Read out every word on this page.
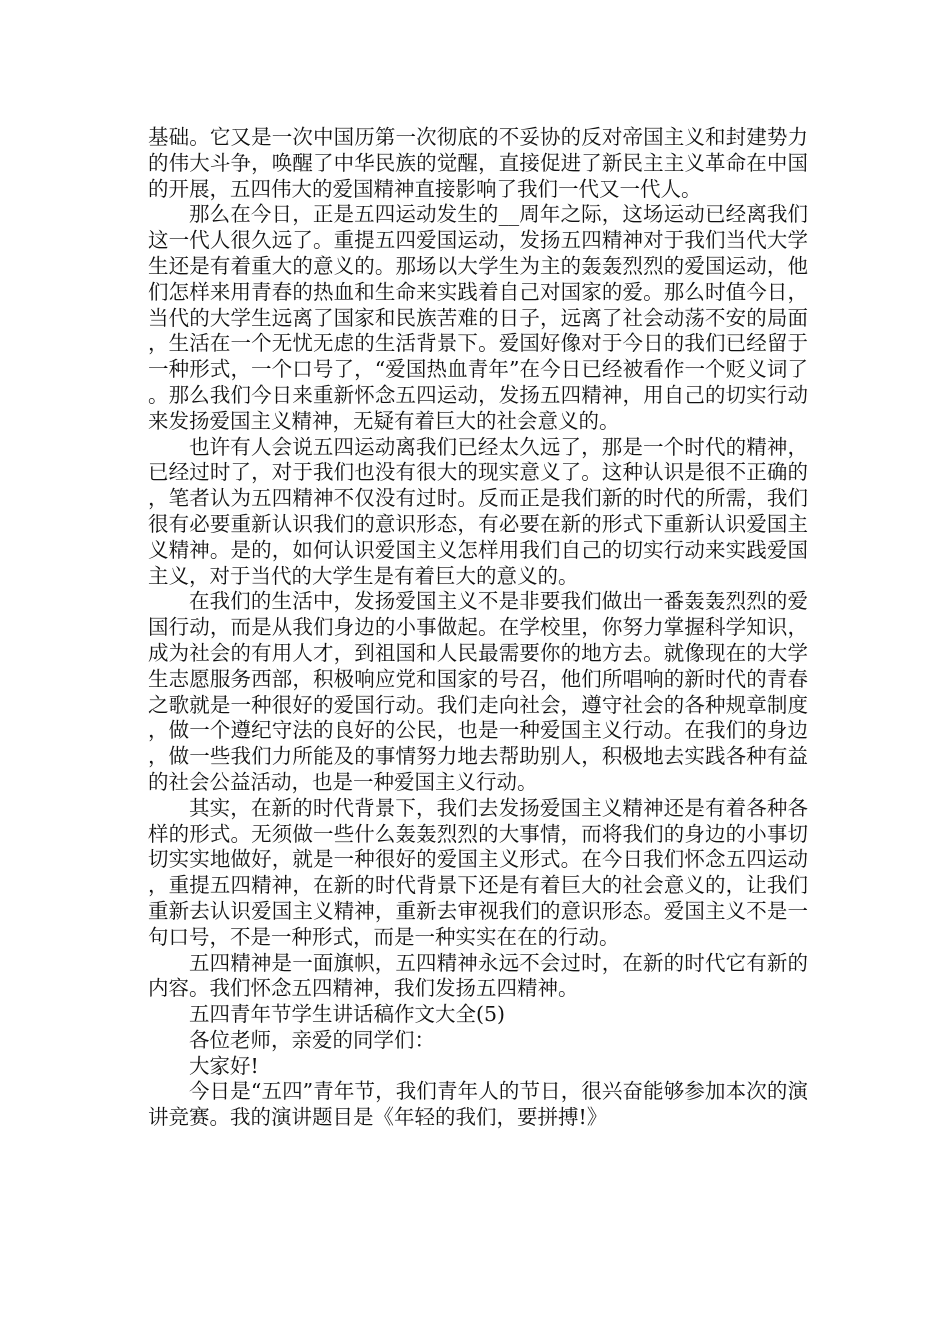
基础。它又是一次中国历第一次彻底的不妥协的反对帝国主义和封建势力的伟大斗争，唤醒了中华民族的觉醒，直接促进了新民主主义革命在中国的开展，五四伟大的爱国精神直接影响了我们一代又一代人。

那么在今日，正是五四运动发生的__周年之际，这场运动已经离我们这一代人很久远了。重提五四爱国运动，发扬五四精神对于我们当代大学生还是有着重大的意义的。那场以大学生为主的轰轰烈烈的爱国运动，他们怎样来用青春的热血和生命来实践着自己对国家的爱。那么时值今日，当代的大学生远离了国家和民族苦难的日子，远离了社会动荡不安的局面，生活在一个无忧无虑的生活背景下。爱国好像对于今日的我们已经留于一种形式，一个口号了，“爱国热血青年”在今日已经被看作一个贬义词了。那么我们今日来重新怀念五四运动，发扬五四精神，用自己的切实行动来发扬爱国主义精神，无疑有着巨大的社会意义的。

也许有人会说五四运动离我们已经太久远了，那是一个时代的精神，已经过时了，对于我们也没有很大的现实意义了。这种认识是很不正确的，笔者认为五四精神不仅没有过时。反而正是我们新的时代的所需，我们很有必要重新认识我们的意识形态，有必要在新的形式下重新认识爱国主义精神。是的，如何认识爱国主义怎样用我们自己的切实行动来实践爱国主义，对于当代的大学生是有着巨大的意义的。

在我们的生活中，发扬爱国主义不是非要我们做出一番轰轰烈烈的爱国行动，而是从我们身边的小事做起。在学校里，你努力掌握科学知识，成为社会的有用人才，到祖国和人民最需要你的地方去。就像现在的大学生志愿服务西部，积极响应党和国家的号召，他们所唱响的新时代的青春之歌就是一种很好的爱国行动。我们走向社会，遵守社会的各种规章制度，做一个遵纪守法的良好的公民，也是一种爱国主义行动。在我们的身边，做一些我们力所能及的事情努力地去帮助别人，积极地去实践各种有益的社会公益活动，也是一种爱国主义行动。

其实，在新的时代背景下，我们去发扬爱国主义精神还是有着各种各样的形式。无须做一些什么轰轰烈烈的大事情，而将我们的身边的小事切切实实地做好，就是一种很好的爱国主义形式。在今日我们怀念五四运动，重提五四精神，在新的时代背景下还是有着巨大的社会意义的，让我们重新去认识爱国主义精神，重新去审视我们的意识形态。爱国主义不是一句口号，不是一种形式，而是一种实实在在的行动。

五四精神是一面旗帜，五四精神永远不会过时，在新的时代它有新的内容。我们怀念五四精神，我们发扬五四精神。

五四青年节学生讲话稿作文大全(5)

各位老师，亲爱的同学们：

大家好!

今日是“五四”青年节，我们青年人的节日，很兴奋能够参加本次的演讲竞赛。我的演讲题目是《年轻的我们，要拼搏!》
